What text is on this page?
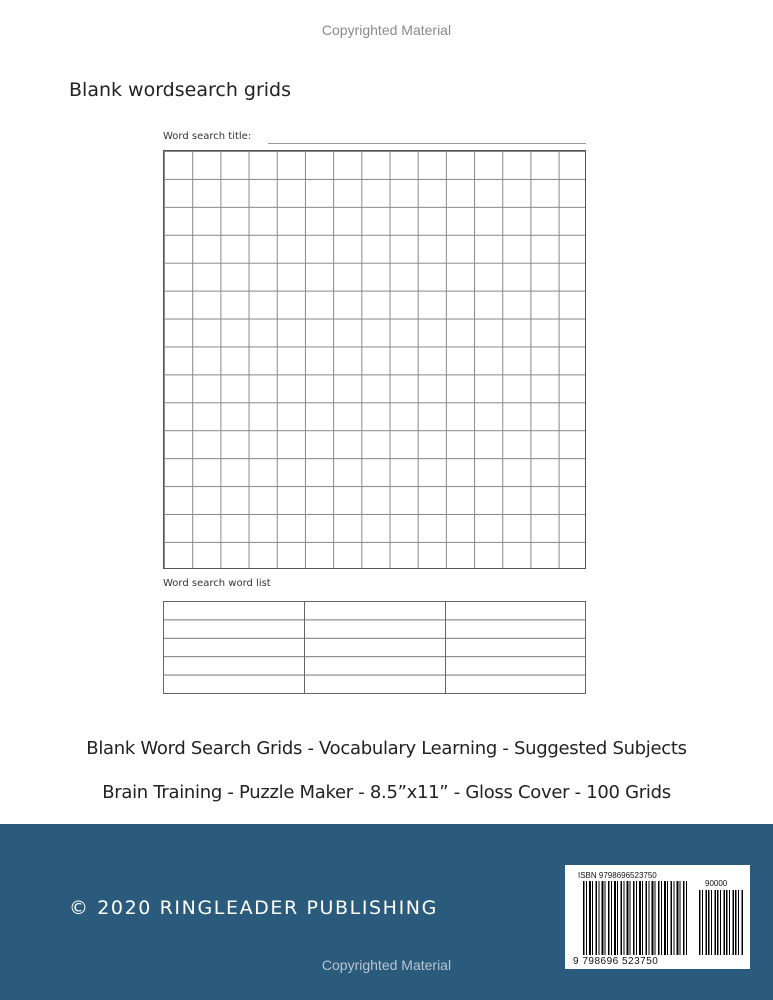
Copyrighted Material
Blank wordsearch grids
Word search title:
Word search word list
Blank Word Search Grids - Vocabulary Learning - Suggested Subjects
Brain Training - Puzzle Maker - 8.5”x11” - Gloss Cover - 100 Grids
© 2020 RINGLEADER PUBLISHING
ISBN 9798696523750
90000
9 798696 523750
Copyrighted Material
